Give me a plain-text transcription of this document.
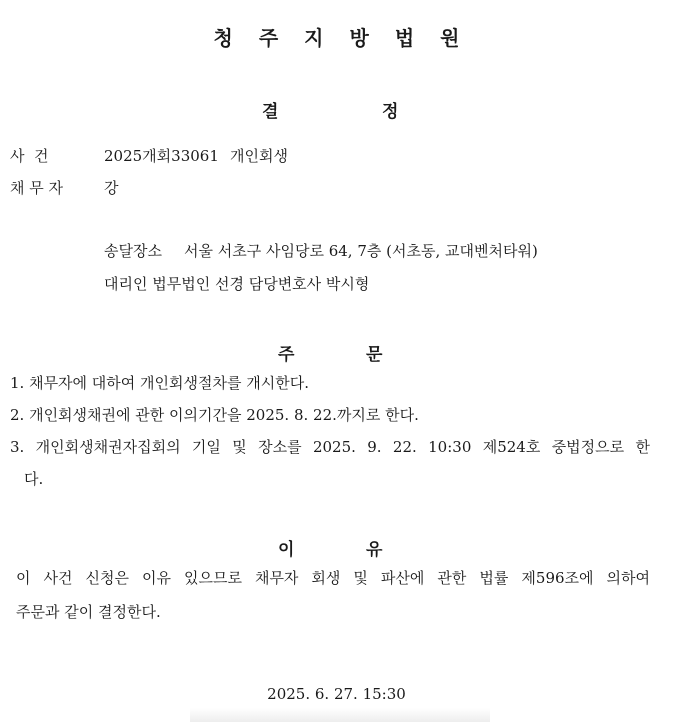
청 주 지 방 법 원
결	정
사  건	2025개회33061 개인회생
채 무 자	강
송달장소 서울 서초구 사임당로 64, 7층 (서초동, 교대벤처타워)
대리인 법무법인 선경 담당변호사 박시형
주	문
1. 채무자에 대하여 개인회생절차를 개시한다.
2. 개인회생채권에 관한 이의기간을 2025. 8. 22.까지로 한다.
3. 개인회생채권자집회의 기일 및 장소를 2025. 9. 22. 10:30 제524호 중법정으로 한
다.
이	유
이 사건 신청은 이유 있으므로 채무자 회생 및 파산에 관한 법률 제596조에 의하여
주문과 같이 결정한다.
2025. 6. 27. 15:30
